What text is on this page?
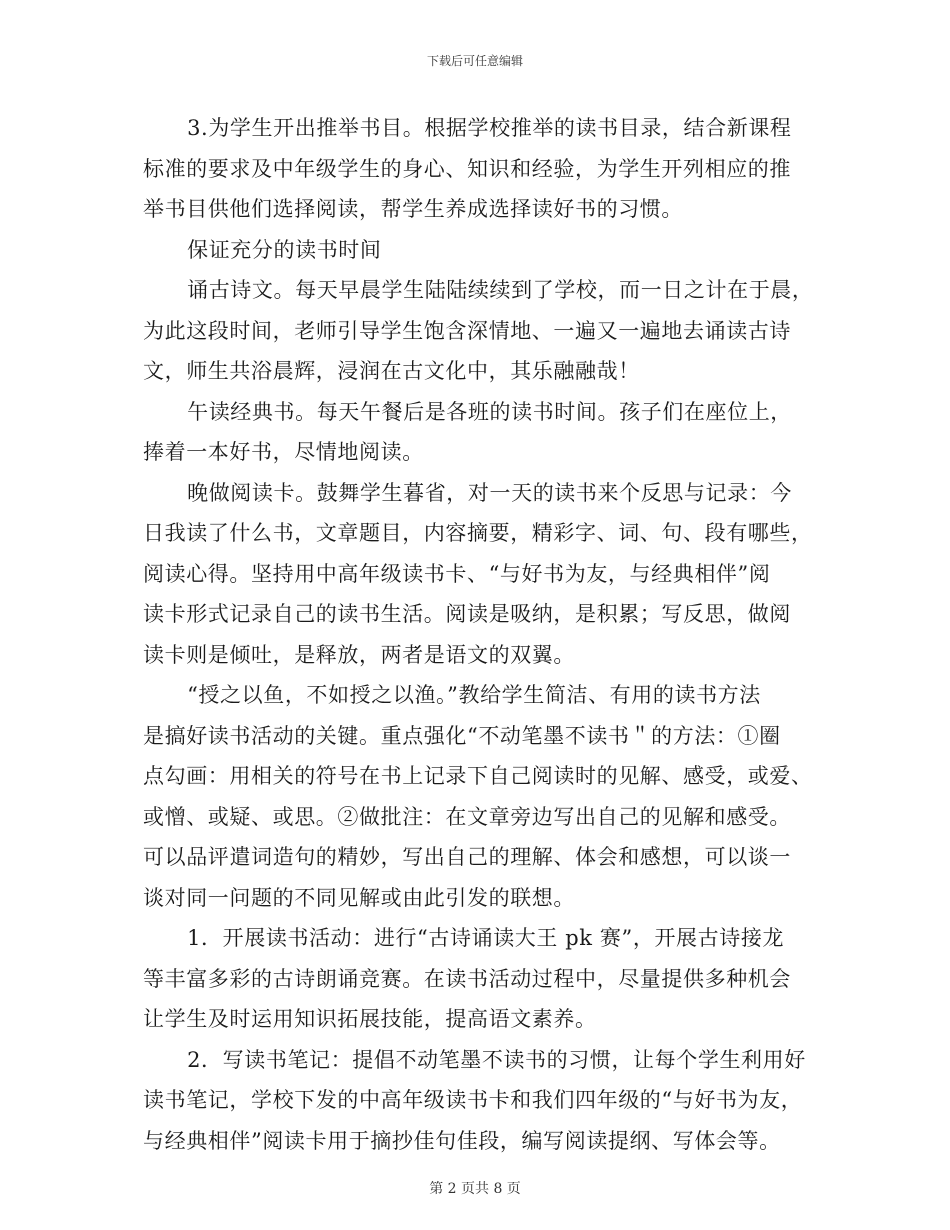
下载后可任意编辑

3.为学生开出推举书目。根据学校推举的读书目录，结合新课程
标准的要求及中年级学生的身心、知识和经验，为学生开列相应的推
举书目供他们选择阅读，帮学生养成选择读好书的习惯。

保证充分的读书时间

诵古诗文。每天早晨学生陆陆续续到了学校，而一日之计在于晨，
为此这段时间，老师引导学生饱含深情地、一遍又一遍地去诵读古诗
文，师生共浴晨辉，浸润在古文化中，其乐融融哉！

午读经典书。每天午餐后是各班的读书时间。孩子们在座位上，
捧着一本好书，尽情地阅读。

晚做阅读卡。鼓舞学生暮省，对一天的读书来个反思与记录：今
日我读了什么书，文章题目，内容摘要，精彩字、词、句、段有哪些，
阅读心得。坚持用中高年级读书卡、“与好书为友，与经典相伴”阅
读卡形式记录自己的读书生活。阅读是吸纳，是积累；写反思，做阅
读卡则是倾吐，是释放，两者是语文的双翼。

“授之以鱼，不如授之以渔。”教给学生简洁、有用的读书方法
是搞好读书活动的关键。重点强化“不动笔墨不读书＂的方法：①圈
点勾画：用相关的符号在书上记录下自己阅读时的见解、感受，或爱、
或憎、或疑、或思。②做批注：在文章旁边写出自己的见解和感受。
可以品评遣词造句的精妙，写出自己的理解、体会和感想，可以谈一
谈对同一问题的不同见解或由此引发的联想。

1．开展读书活动：进行“古诗诵读大王 pk 赛”，开展古诗接龙
等丰富多彩的古诗朗诵竞赛。在读书活动过程中，尽量提供多种机会
让学生及时运用知识拓展技能，提高语文素养。

2．写读书笔记：提倡不动笔墨不读书的习惯，让每个学生利用好
读书笔记，学校下发的中高年级读书卡和我们四年级的“与好书为友，
与经典相伴”阅读卡用于摘抄佳句佳段，编写阅读提纲、写体会等。

第 2 页共 8 页
